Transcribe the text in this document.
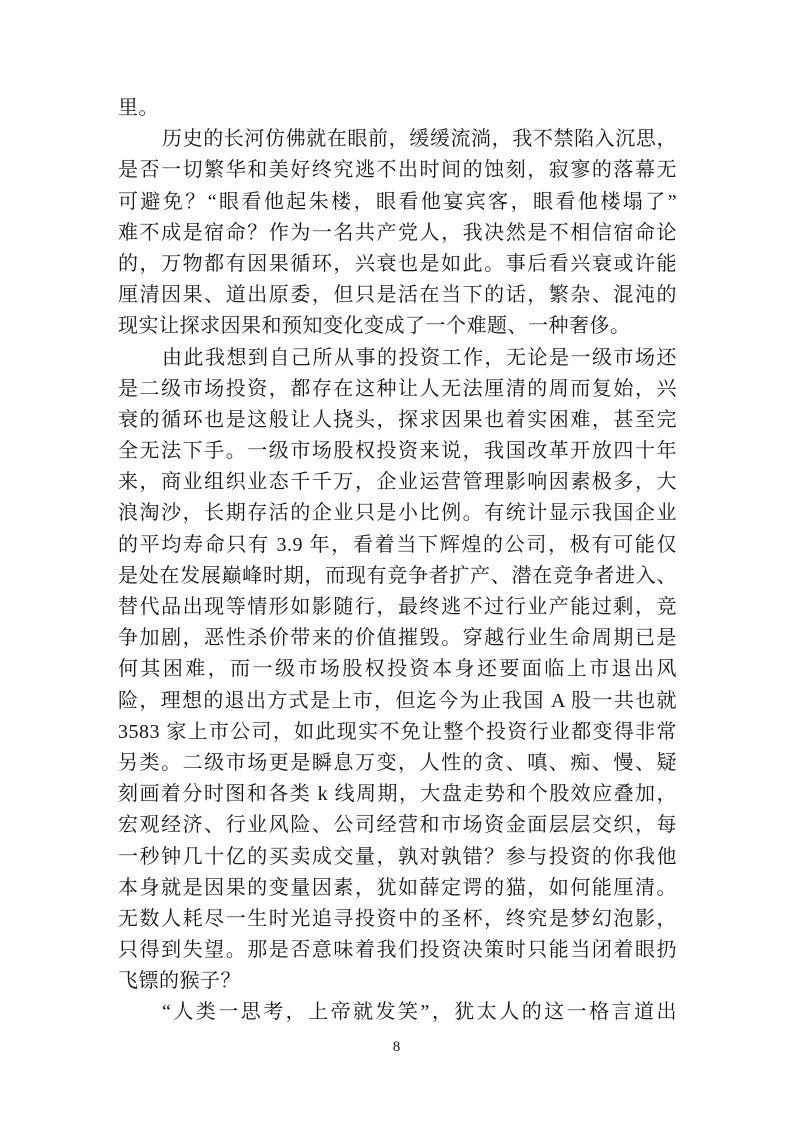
里。
历史的长河仿佛就在眼前，缓缓流淌，我不禁陷入沉思，
是否一切繁华和美好终究逃不出时间的蚀刻，寂寥的落幕无
可避免？“眼看他起朱楼，眼看他宴宾客，眼看他楼塌了”
难不成是宿命？作为一名共产党人，我决然是不相信宿命论
的，万物都有因果循环，兴衰也是如此。事后看兴衰或许能
厘清因果、道出原委，但只是活在当下的话，繁杂、混沌的
现实让探求因果和预知变化变成了一个难题、一种奢侈。
由此我想到自己所从事的投资工作，无论是一级市场还
是二级市场投资，都存在这种让人无法厘清的周而复始，兴
衰的循环也是这般让人挠头，探求因果也着实困难，甚至完
全无法下手。一级市场股权投资来说，我国改革开放四十年
来，商业组织业态千千万，企业运营管理影响因素极多，大
浪淘沙，长期存活的企业只是小比例。有统计显示我国企业
的平均寿命只有 3.9 年，看着当下辉煌的公司，极有可能仅
是处在发展巅峰时期，而现有竞争者扩产、潜在竞争者进入、
替代品出现等情形如影随行，最终逃不过行业产能过剩，竞
争加剧，恶性杀价带来的价值摧毁。穿越行业生命周期已是
何其困难，而一级市场股权投资本身还要面临上市退出风
险，理想的退出方式是上市，但迄今为止我国 A 股一共也就
3583 家上市公司，如此现实不免让整个投资行业都变得非常
另类。二级市场更是瞬息万变，人性的贪、嗔、痴、慢、疑
刻画着分时图和各类 k 线周期，大盘走势和个股效应叠加，
宏观经济、行业风险、公司经营和市场资金面层层交织，每
一秒钟几十亿的买卖成交量，孰对孰错？参与投资的你我他
本身就是因果的变量因素，犹如薛定谔的猫，如何能厘清。
无数人耗尽一生时光追寻投资中的圣杯，终究是梦幻泡影，
只得到失望。那是否意味着我们投资决策时只能当闭着眼扔
飞镖的猴子？
“人类一思考，上帝就发笑”，犹太人的这一格言道出
8
